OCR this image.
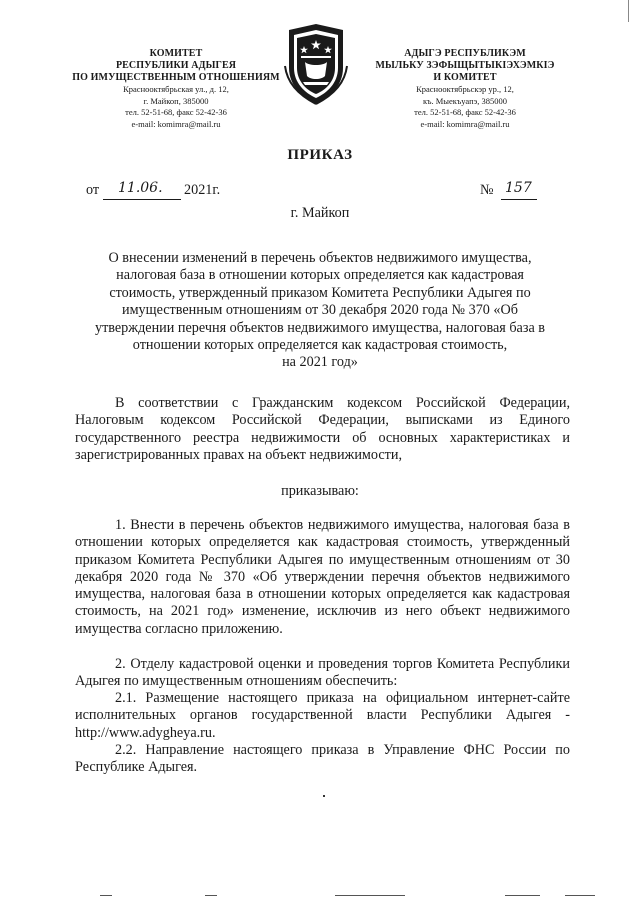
КОМИТЕТ
РЕСПУБЛИКИ АДЫГЕЯ
ПО ИМУЩЕСТВЕННЫМ ОТНОШЕНИЯМ
Краснооктябрьская ул., д. 12,
г. Майкоп, 385000
тел. 52-51-68, факс 52-42-36
e-mail: komimra@mail.ru
АДЫГЭ РЕСПУБЛИКЭМ
МЫЛЬКУ ЗЭФЫЩЫТЫКІЭХЭМКІЭ
И КОМИТЕТ
Краснооктябрьскэр ур., 12,
къ. Мыекъуапэ, 385000
тел. 52-51-68, факс 52-42-36
e-mail: komimra@mail.ru
ПРИКАЗ
от 11.06. 2021г.	№ 157
г. Майкоп
О внесении изменений в перечень объектов недвижимого имущества,
налоговая база в отношении которых определяется как кадастровая
стоимость, утвержденный приказом Комитета Республики Адыгея по
имущественным отношениям от 30 декабря 2020 года № 370 «Об
утверждении перечня объектов недвижимого имущества, налоговая база в
отношении которых определяется как кадастровая стоимость,
на 2021 год»
В соответствии с Гражданским кодексом Российской Федерации, Налоговым кодексом Российской Федерации, выписками из Единого государственного реестра недвижимости об основных характеристиках и зарегистрированных правах на объект недвижимости,
приказываю:
1. Внести в перечень объектов недвижимого имущества, налоговая база в отношении которых определяется как кадастровая стоимость, утвержденный приказом Комитета Республики Адыгея по имущественным отношениям от 30 декабря 2020 года № 370 «Об утверждении перечня объектов недвижимого имущества, налоговая база в отношении которых определяется как кадастровая стоимость, на 2021 год» изменение, исключив из него объект недвижимого имущества согласно приложению.
2. Отделу кадастровой оценки и проведения торгов Комитета Республики Адыгея по имущественным отношениям обеспечить:
2.1. Размещение настоящего приказа на официальном интернет-сайте исполнительных органов государственной власти Республики Адыгея - http://www.adygheya.ru.
2.2. Направление настоящего приказа в Управление ФНС России по Республике Адыгея.
